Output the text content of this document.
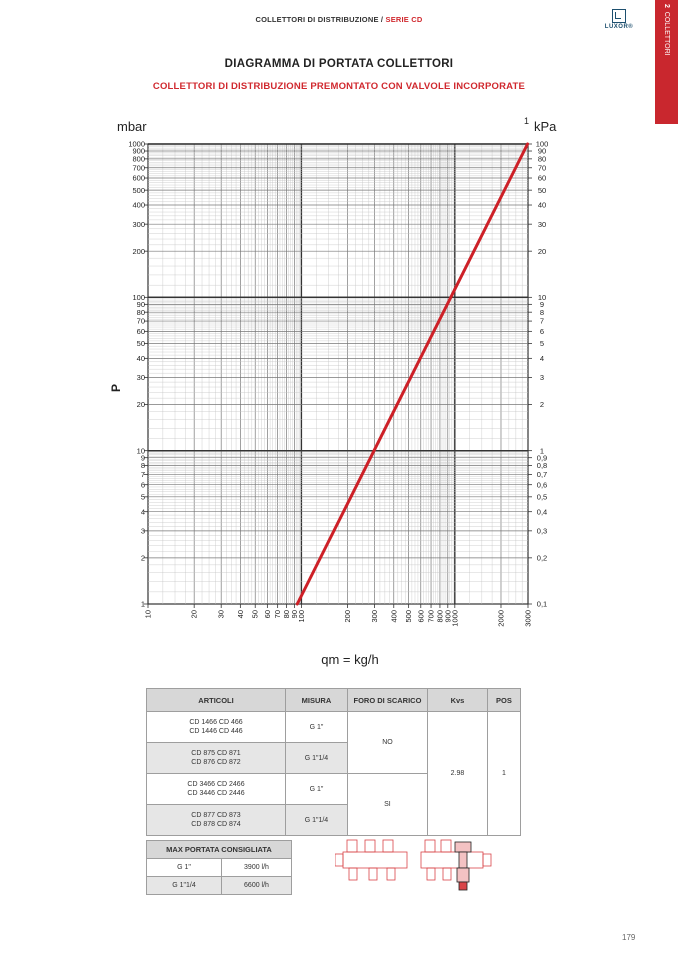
COLLETTORI DI DISTRIBUZIONE / SERIE CD
LUXOR®
2  COLLETTORI
DIAGRAMMA DI PORTATA COLLETTORI
COLLETTORI DI DISTRIBUZIONE PREMONTATO CON VALVOLE INCORPORATE
10	20 30 40 50 60 70 80
90
100	200 300 400 500 600 700 800
900
1000	2000 3000
1	0,1
2	0,2
3	0,3
4	0,4
5	0,5
6	0,6
7	0,7
8	0,8
9	0,9
10	1
20	2
30	3
40	4
50	5
60	6
70	7
80	8
90	9
100	10
200	20
300	30
400	40
500	50
600	60
700	70
800	80
900	90
1000	100
mbar	kPa
1
P
qm = kg/h
ARTICOLI	MISURA	FORO DI SCARICO	Kvs	POS
CD 1466 CD 466
CD 1446 CD 446	G 1"	NO	2.98	1
CD 875 CD 871
CD 876 CD 872	G 1"1/4			
CD 3466 CD 2466
CD 3446 CD 2446	G 1"	SI		
CD 877 CD 873
CD 878 CD 874	G 1"1/4			
MAX PORTATA CONSIGLIATA	
G 1"	3900 l/h
G 1"1/4	6600 l/h
179
